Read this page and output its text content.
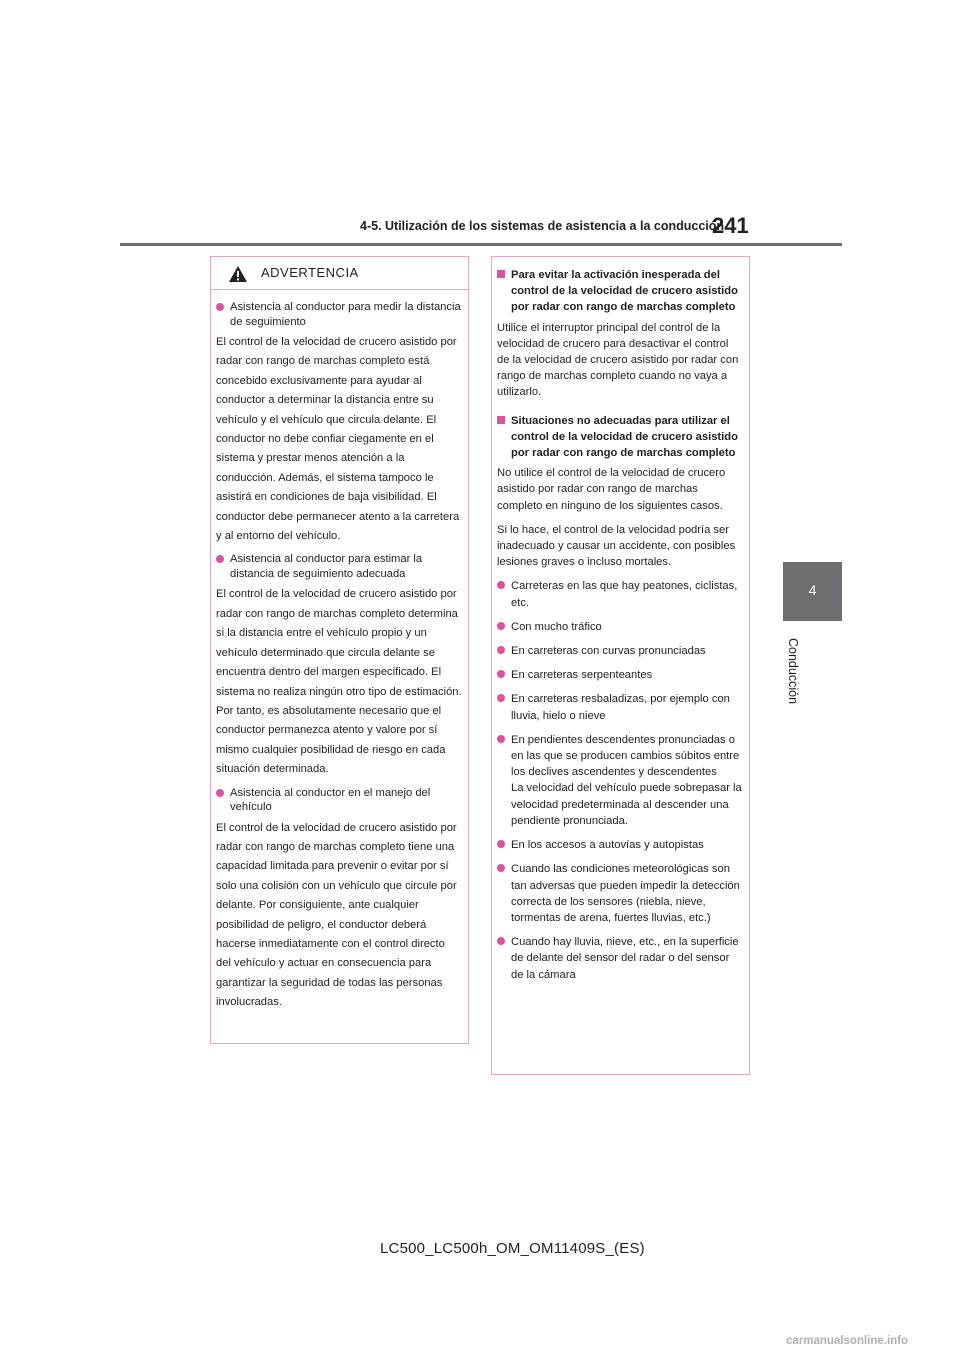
4-5. Utilización de los sistemas de asistencia a la conducción
241
4
Conducción
ADVERTENCIA
Asistencia al conductor para medir la distancia de seguimiento

El control de la velocidad de crucero asistido por radar con rango de marchas completo está concebido exclusivamente para ayudar al conductor a determinar la distancia entre su vehículo y el vehículo que circula delante. El conductor no debe confiar ciegamente en el sistema y prestar menos atención a la conducción. Además, el sistema tampoco le asistirá en condiciones de baja visibilidad. El conductor debe permanecer atento a la carretera y al entorno del vehículo.

Asistencia al conductor para estimar la distancia de seguimiento adecuada

El control de la velocidad de crucero asistido por radar con rango de marchas completo determina si la distancia entre el vehículo propio y un vehículo determinado que circula delante se encuentra dentro del margen especificado. El sistema no realiza ningún otro tipo de estimación. Por tanto, es absolutamente necesario que el conductor permanezca atento y valore por sí mismo cualquier posibilidad de riesgo en cada situación determinada.

Asistencia al conductor en el manejo del vehículo

El control de la velocidad de crucero asistido por radar con rango de marchas completo tiene una capacidad limitada para prevenir o evitar por sí solo una colisión con un vehículo que circule por delante. Por consiguiente, ante cualquier posibilidad de peligro, el conductor deberá hacerse inmediatamente con el control directo del vehículo y actuar en consecuencia para garantizar la seguridad de todas las personas involucradas.

Para evitar la activación inesperada del control de la velocidad de crucero asistido por radar con rango de marchas completo

Utilice el interruptor principal del control de la velocidad de crucero para desactivar el control de la velocidad de crucero asistido por radar con rango de marchas completo cuando no vaya a utilizarlo.

Situaciones no adecuadas para utilizar el control de la velocidad de crucero asistido por radar con rango de marchas completo

No utilice el control de la velocidad de crucero asistido por radar con rango de marchas completo en ninguno de los siguientes casos.

Si lo hace, el control de la velocidad podría ser inadecuado y causar un accidente, con posibles lesiones graves o incluso mortales.

Carreteras en las que hay peatones, ciclistas, etc.
Con mucho tráfico
En carreteras con curvas pronunciadas
En carreteras serpenteantes
En carreteras resbaladizas, por ejemplo con lluvia, hielo o nieve
En pendientes descendentes pronunciadas o en las que se producen cambios súbitos entre los declives ascendentes y descendentes
La velocidad del vehículo puede sobrepasar la velocidad predeterminada al descender una pendiente pronunciada.
En los accesos a autovías y autopistas
Cuando las condiciones meteorológicas son tan adversas que pueden impedir la detección correcta de los sensores (niebla, nieve, tormentas de arena, fuertes lluvias, etc.)
Cuando hay lluvia, nieve, etc., en la superficie de delante del sensor del radar o del sensor de la cámara
LC500_LC500h_OM_OM11409S_(ES)
carmanualsonline.info
